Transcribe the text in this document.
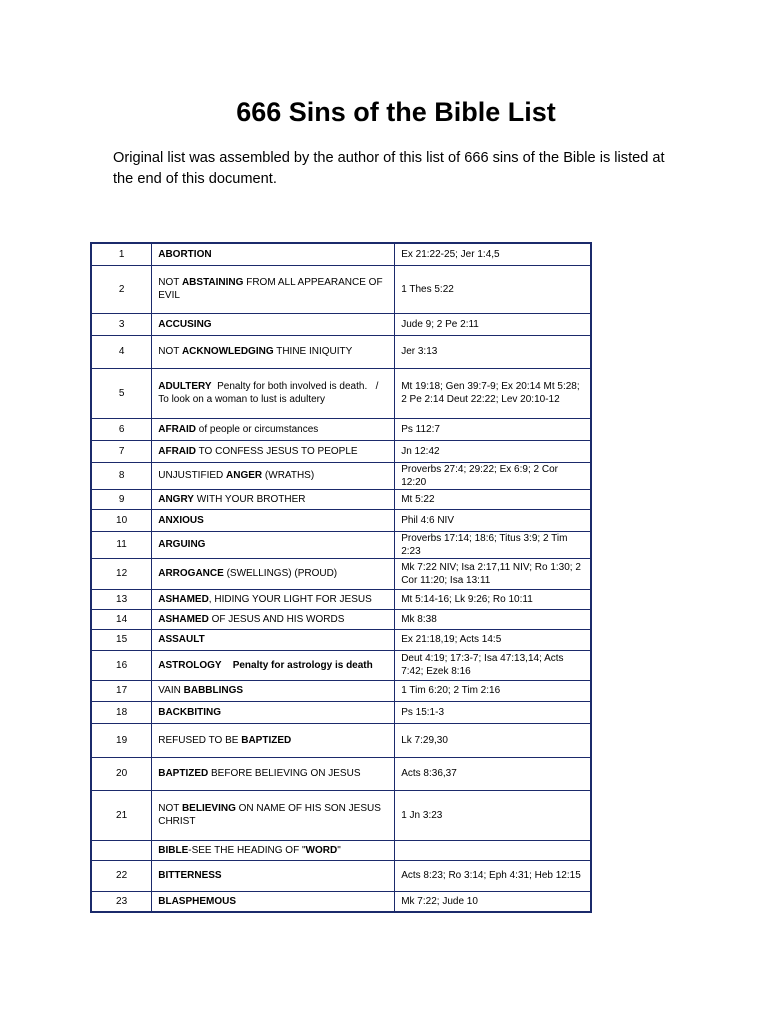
666 Sins of the Bible List
Original list was assembled by the author of this list of 666 sins of the Bible is listed at the end of this document.
1	ABORTION	Ex 21:22-25; Jer 1:4,5
2	NOT ABSTAINING FROM ALL APPEARANCE OF EVIL	1 Thes 5:22
3	ACCUSING	Jude 9; 2 Pe 2:11
4	NOT ACKNOWLEDGING THINE INIQUITY	Jer 3:13
5	ADULTERY  Penalty for both involved is death.   /  To look on a woman to lust is adultery	Mt 19:18; Gen 39:7-9; Ex 20:14 Mt 5:28; 2 Pe 2:14 Deut 22:22; Lev 20:10-12
6	AFRAID of people or circumstances	Ps 112:7
7	AFRAID TO CONFESS JESUS TO PEOPLE	Jn 12:42
8	UNJUSTIFIED ANGER (WRATHS)	Proverbs 27:4; 29:22; Ex 6:9; 2 Cor 12:20
9	ANGRY WITH YOUR BROTHER	Mt 5:22
10	ANXIOUS	Phil 4:6 NIV
11	ARGUING	Proverbs 17:14; 18:6; Titus 3:9; 2 Tim 2:23
12	ARROGANCE (SWELLINGS) (PROUD)	Mk 7:22 NIV; Isa 2:17,11 NIV; Ro 1:30; 2 Cor 11:20; Isa 13:11
13	ASHAMED, HIDING YOUR LIGHT FOR JESUS	Mt 5:14-16; Lk 9:26; Ro 10:11
14	ASHAMED OF JESUS AND HIS WORDS	Mk 8:38
15	ASSAULT	Ex 21:18,19; Acts 14:5
16	ASTROLOGY Penalty for astrology is death	Deut 4:19; 17:3-7; Isa 47:13,14; Acts 7:42; Ezek 8:16
17	VAIN BABBLINGS	1 Tim 6:20; 2 Tim 2:16
18	BACKBITING	Ps 15:1-3
19	REFUSED TO BE BAPTIZED	Lk 7:29,30
20	BAPTIZED BEFORE BELIEVING ON JESUS	Acts 8:36,37
21	NOT BELIEVING ON NAME OF HIS SON JESUS CHRIST	1 Jn 3:23
	BIBLE-SEE THE HEADING OF "WORD"	
22	BITTERNESS	Acts 8:23; Ro 3:14; Eph 4:31; Heb 12:15
23	BLASPHEMOUS	Mk 7:22; Jude 10
